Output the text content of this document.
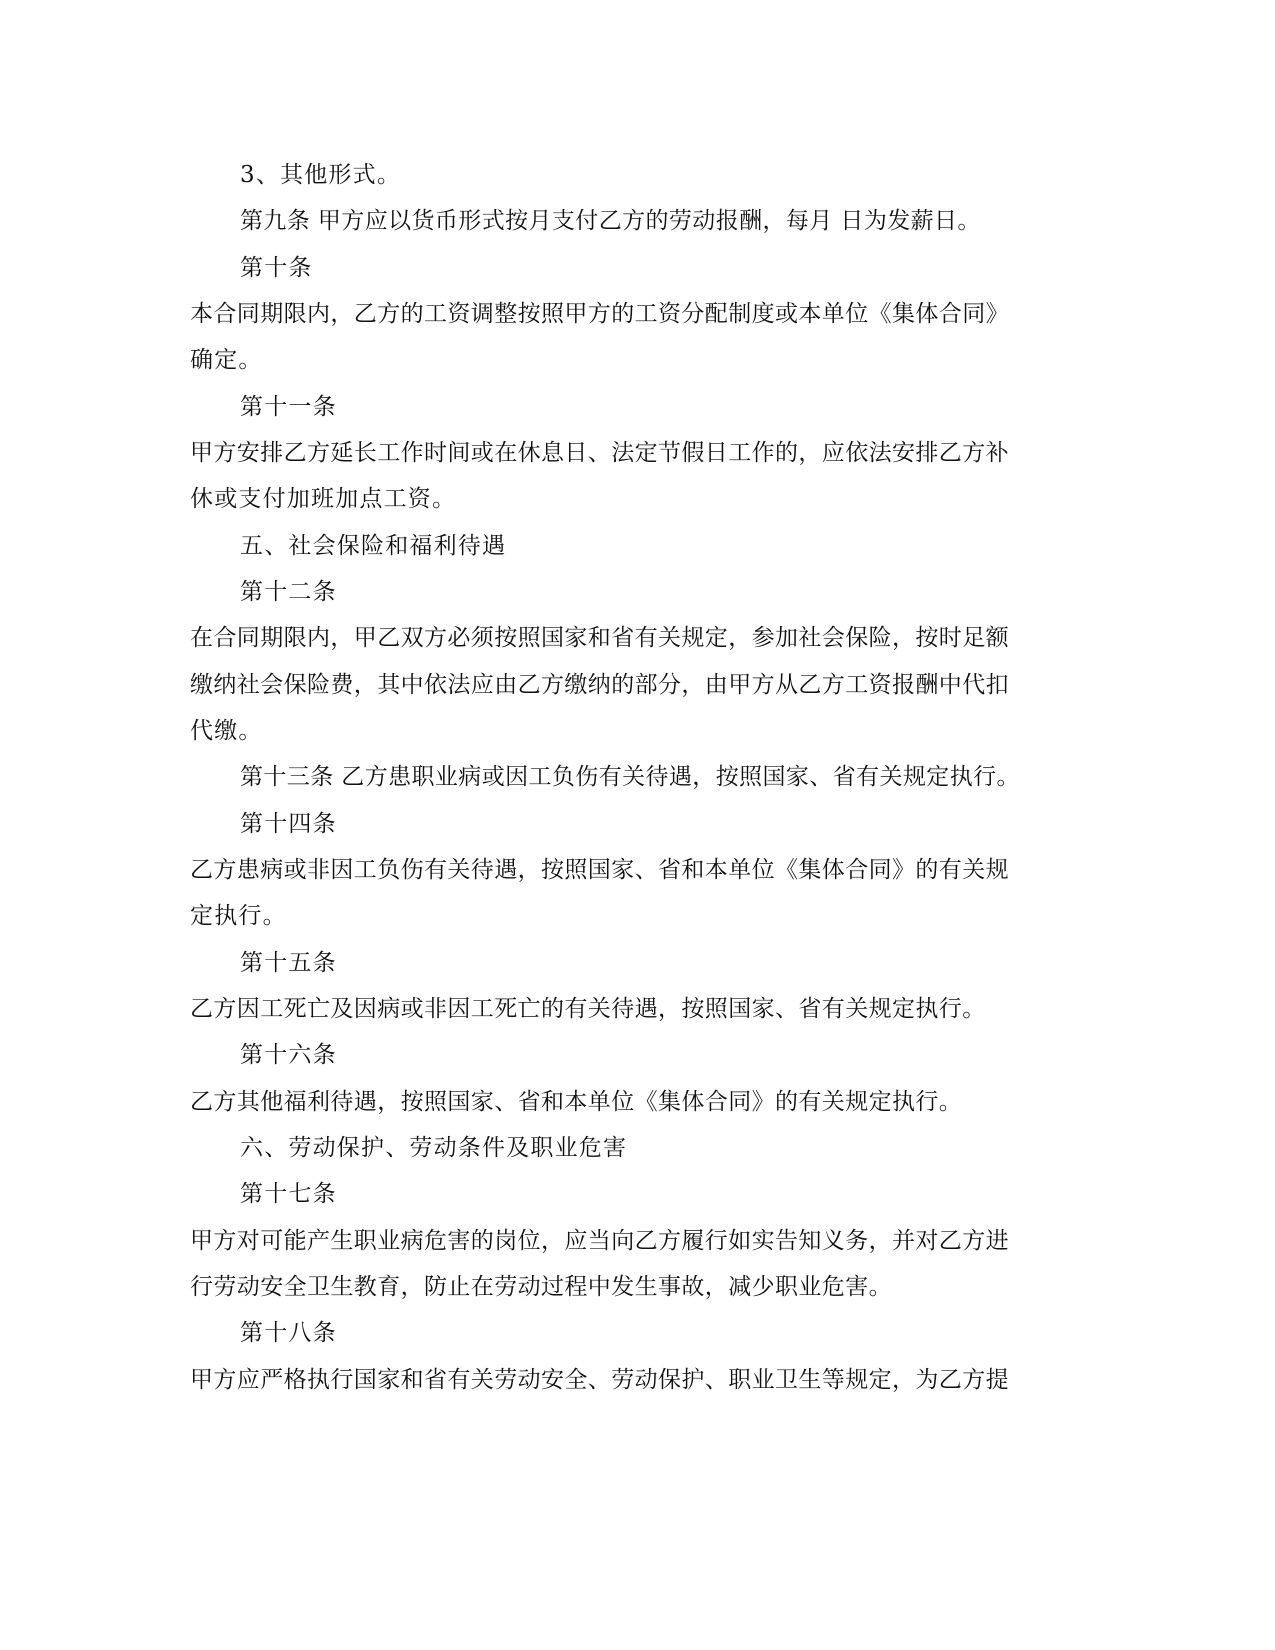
3、其他形式。
第九条 甲方应以货币形式按月支付乙方的劳动报酬，每月 日为发薪日。
第十条
本合同期限内，乙方的工资调整按照甲方的工资分配制度或本单位《集体合同》
确定。
第十一条
甲方安排乙方延长工作时间或在休息日、法定节假日工作的，应依法安排乙方补
休或支付加班加点工资。
五、社会保险和福利待遇
第十二条
在合同期限内，甲乙双方必须按照国家和省有关规定，参加社会保险，按时足额
缴纳社会保险费，其中依法应由乙方缴纳的部分，由甲方从乙方工资报酬中代扣
代缴。
第十三条 乙方患职业病或因工负伤有关待遇，按照国家、省有关规定执行。
第十四条
乙方患病或非因工负伤有关待遇，按照国家、省和本单位《集体合同》的有关规
定执行。
第十五条
乙方因工死亡及因病或非因工死亡的有关待遇，按照国家、省有关规定执行。
第十六条
乙方其他福利待遇，按照国家、省和本单位《集体合同》的有关规定执行。
六、劳动保护、劳动条件及职业危害
第十七条
甲方对可能产生职业病危害的岗位，应当向乙方履行如实告知义务，并对乙方进
行劳动安全卫生教育，防止在劳动过程中发生事故，减少职业危害。
第十八条
甲方应严格执行国家和省有关劳动安全、劳动保护、职业卫生等规定，为乙方提
